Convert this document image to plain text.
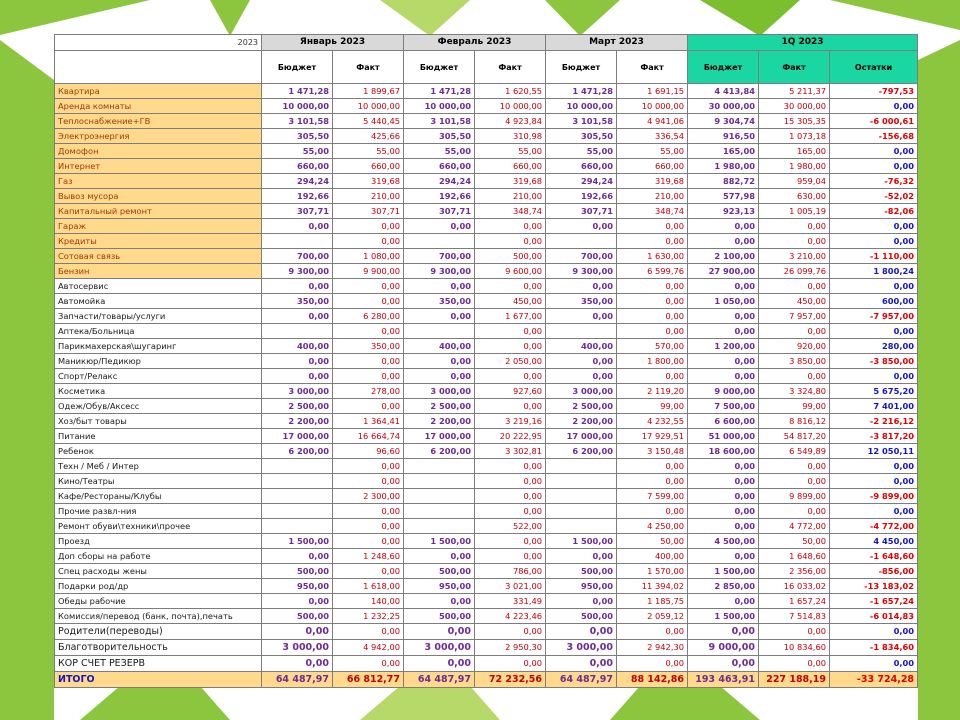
2023	Январь 2023		Февраль 2023		Март 2023		1Q 2023		
	Бюджет	Факт	Бюджет	Факт	Бюджет	Факт	Бюджет	Факт	Остатки
Квартира	1 471,28	1 899,67	1 471,28	1 620,55	1 471,28	1 691,15	4 413,84	5 211,37	-797,53
Аренда комнаты	10 000,00	10 000,00	10 000,00	10 000,00	10 000,00	10 000,00	30 000,00	30 000,00	0,00
Теплоснабжение+ГВ	3 101,58	5 440,45	3 101,58	4 923,84	3 101,58	4 941,06	9 304,74	15 305,35	-6 000,61
Электроэнергия	305,50	425,66	305,50	310,98	305,50	336,54	916,50	1 073,18	-156,68
Домофон	55,00	55,00	55,00	55,00	55,00	55,00	165,00	165,00	0,00
Интернет	660,00	660,00	660,00	660,00	660,00	660,00	1 980,00	1 980,00	0,00
Газ	294,24	319,68	294,24	319,68	294,24	319,68	882,72	959,04	-76,32
Вывоз мусора	192,66	210,00	192,66	210,00	192,66	210,00	577,98	630,00	-52,02
Капитальный ремонт	307,71	307,71	307,71	348,74	307,71	348,74	923,13	1 005,19	-82,06
Гараж	0,00	0,00	0,00	0,00	0,00	0,00	0,00	0,00	0,00
Кредиты		0,00		0,00		0,00	0,00	0,00	0,00
Сотовая связь	700,00	1 080,00	700,00	500,00	700,00	1 630,00	2 100,00	3 210,00	-1 110,00
Бензин	9 300,00	9 900,00	9 300,00	9 600,00	9 300,00	6 599,76	27 900,00	26 099,76	1 800,24
Автосервис	0,00	0,00	0,00	0,00	0,00	0,00	0,00	0,00	0,00
Автомойка	350,00	0,00	350,00	450,00	350,00	0,00	1 050,00	450,00	600,00
Запчасти/товары/услуги	0,00	6 280,00	0,00	1 677,00	0,00	0,00	0,00	7 957,00	-7 957,00
Аптека/Больница		0,00		0,00		0,00	0,00	0,00	0,00
Парикмахерская\шугаринг	400,00	350,00	400,00	0,00	400,00	570,00	1 200,00	920,00	280,00
Маникюр/Педикюр	0,00	0,00	0,00	2 050,00	0,00	1 800,00	0,00	3 850,00	-3 850,00
Спорт/Релакс	0,00	0,00	0,00	0,00	0,00	0,00	0,00	0,00	0,00
Косметика	3 000,00	278,00	3 000,00	927,60	3 000,00	2 119,20	9 000,00	3 324,80	5 675,20
Одеж/Обув/Аксесс	2 500,00	0,00	2 500,00	0,00	2 500,00	99,00	7 500,00	99,00	7 401,00
Хоз/быт товары	2 200,00	1 364,41	2 200,00	3 219,16	2 200,00	4 232,55	6 600,00	8 816,12	-2 216,12
Питание	17 000,00	16 664,74	17 000,00	20 222,95	17 000,00	17 929,51	51 000,00	54 817,20	-3 817,20
Ребенок	6 200,00	96,60	6 200,00	3 302,81	6 200,00	3 150,48	18 600,00	6 549,89	12 050,11
Техн / Меб / Интер		0,00		0,00		0,00	0,00	0,00	0,00
Кино/Театры		0,00		0,00		0,00	0,00	0,00	0,00
Кафе/Рестораны/Клубы		2 300,00		0,00		7 599,00	0,00	9 899,00	-9 899,00
Прочие развл-ния		0,00		0,00		0,00	0,00	0,00	0,00
Ремонт обуви\техники\прочее		0,00		522,00		4 250,00	0,00	4 772,00	-4 772,00
Проезд	1 500,00	0,00	1 500,00	0,00	1 500,00	50,00	4 500,00	50,00	4 450,00
Доп сборы на работе	0,00	1 248,60	0,00	0,00	0,00	400,00	0,00	1 648,60	-1 648,60
Спец расходы жены	500,00	0,00	500,00	786,00	500,00	1 570,00	1 500,00	2 356,00	-856,00
Подарки род/др	950,00	1 618,00	950,00	3 021,00	950,00	11 394,02	2 850,00	16 033,02	-13 183,02
Обеды рабочие	0,00	140,00	0,00	331,49	0,00	1 185,75	0,00	1 657,24	-1 657,24
Комиссия/перевод (банк, почта),печать	500,00	1 232,25	500,00	4 223,46	500,00	2 059,12	1 500,00	7 514,83	-6 014,83
Родители(переводы)	0,00	0,00	0,00	0,00	0,00	0,00	0,00	0,00	0,00
Благотворительность	3 000,00	4 942,00	3 000,00	2 950,30	3 000,00	2 942,30	9 000,00	10 834,60	-1 834,60
КОР СЧЕТ РЕЗЕРВ	0,00	0,00	0,00	0,00	0,00	0,00	0,00	0,00	0,00
ИТОГО	64 487,97	66 812,77	64 487,97	72 232,56	64 487,97	88 142,86	193 463,91	227 188,19	-33 724,28
